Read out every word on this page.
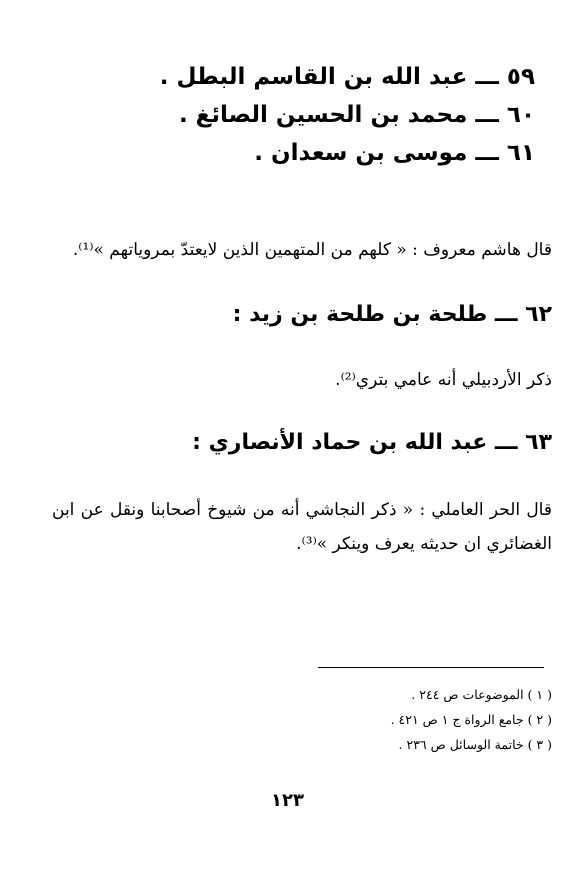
٥٩ ـــ عبد الله بن القاسم البطل .
٦٠ ـــ محمد بن الحسين الصائغ .
٦١ ـــ موسى بن سعدان .
قال هاشم معروف : « كلهم من المتهمين الذين لايعتدّ بمروياتهم »⁽¹⁾.
٦٢ ـــ طلحة بن طلحة بن زيد :
ذكر الأردبيلي أنه عامي بتري⁽²⁾.
٦٣ ـــ عبد الله بن حماد الأنصاري :
قال الحر العاملي : « ذكر النجاشي أنه من شيوخ أصحابنا ونقل عن ابن الغضائري ان حديثه يعرف وينكر »⁽³⁾.
( ١ ) الموضوعات ص ٢٤٤ .
( ٢ ) جامع الرواة ج ١ ص ٤٢١ .
( ٣ ) خاتمة الوسائل ص ٢٣٦ .
١٢٣
